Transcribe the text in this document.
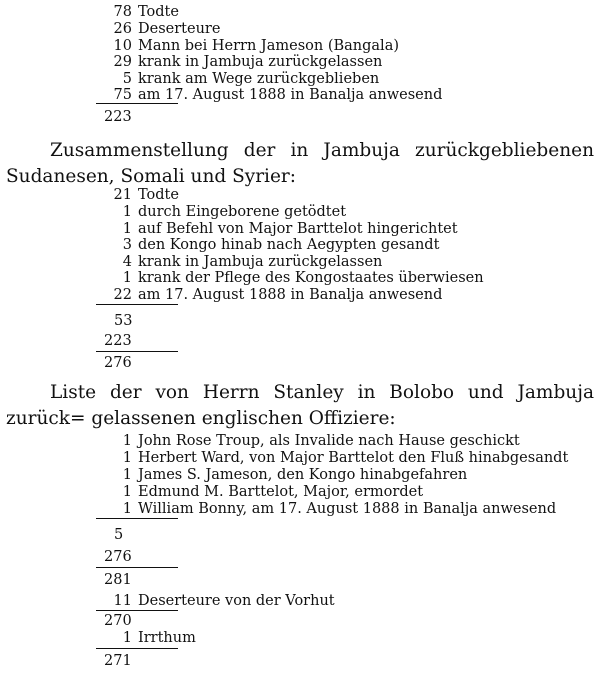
78 Todte
26 Deserteure
10 Mann bei Herrn Jameson (Bangala)
29 krank in Jambuja zurückgelassen
5 krank am Wege zurückgeblieben
75 am 17. August 1888 in Banalja anwesend
223
Zusammenstellung der in Jambuja zurückgebliebenen Sudanesen, Somali und Syrier:
21 Todte
1 durch Eingeborene getödtet
1 auf Befehl von Major Barttelot hingerichtet
3 den Kongo hinab nach Aegypten gesandt
4 krank in Jambuja zurückgelassen
1 krank der Pflege des Kongostaates überwiesen
22 am 17. August 1888 in Banalja anwesend
53
223
276
Liste der von Herrn Stanley in Bolobo und Jambuja zurück= gelassenen englischen Offiziere:
1 John Rose Troup, als Invalide nach Hause geschickt
1 Herbert Ward, von Major Barttelot den Fluß hinabgesandt
1 James S. Jameson, den Kongo hinabgefahren
1 Edmund M. Barttelot, Major, ermordet
1 William Bonny, am 17. August 1888 in Banalja anwesend
5
276
281
11 Deserteure von der Vorhut
270
1 Irrthum
271
